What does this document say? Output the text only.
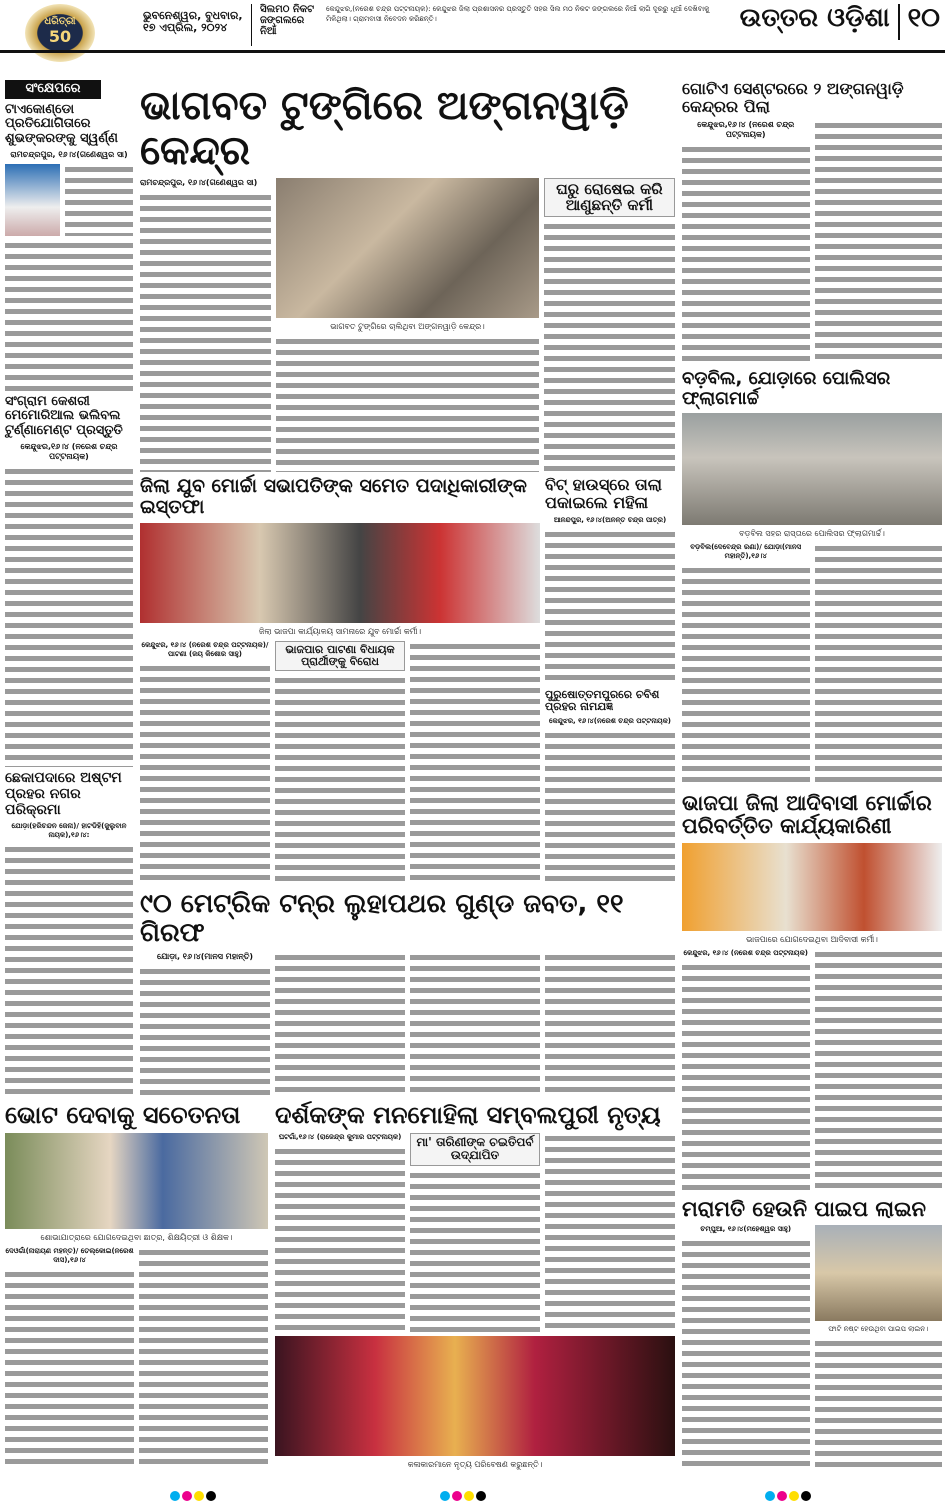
ଧରିତ୍ରୀ
50
ଭୁବନେଶ୍ୱର, ବୁଧବାର, ୧୭ ଏପ୍ରିଲ, ୨୦୨୪
ସିଲମଠ ନିକଟ ଜଙ୍ଗଲରେ ନିଆଁ
କେନ୍ଦୁଝର,(ନରେଶ ଚନ୍ଦ୍ର ପଟ୍ଟନାୟକ): କେନ୍ଦୁଝର ଜିଲା ପ୍ରଶାସନର ପ୍ରସ୍ତୁତି ସହର ସିଲ ମଠ ନିକଟ ଜଙ୍ଗଲରେ ନିଆଁ ଲାଗି ଦୂରରୁ ଧୂଆଁ ଦେଖିବାକୁ ମିଳିଥିଲା। ଗ୍ରାମବାସୀ ନିବେଦନ କରିଛନ୍ତି।	ଉତ୍ତର ଓଡ଼ିଶା ୧୦
ସଂକ୍ଷେପରେ
ଟାଏକୋଣ୍ଡୋ ପ୍ରତିଯୋଗିତାରେ ଶୁଭଙ୍କରଙ୍କୁ ସ୍ୱର୍ଣ୍ଣ
ରାମଚନ୍ଦ୍ରପୁର, ୧୬।୪(ଗଣେଶ୍ୱର ସା)
ସଂଗ୍ରାମ କେଶରୀ ମେମୋରିଆଲ ଭଲିବଲ ଟୁର୍ଣ୍ଣାମେଣ୍ଟ ପ୍ରସ୍ତୁତି
କେନ୍ଦୁଝର,୧୬।୪ (ନରେଶ ଚନ୍ଦ୍ର ପଟ୍ଟନାୟକ)
ଛେକାପଦାରେ ଅଷ୍ଟମ ପ୍ରହର ନଗର ପରିକ୍ରମା
ଯୋଡ଼ା(ହରିଚନ୍ଦନ ଜେନା)/ ହାଟଡିହି(ଜୁଲୁବାନ ନାୟକ),୧୬।୪:
ଭାଗବତ ଟୁଙ୍ଗିରେ ଅଙ୍ଗନୱାଡ଼ି କେନ୍ଦ୍ର
ରାମଚନ୍ଦ୍ରପୁର, ୧୬।୪(ଗଣେଶ୍ୱର ସା)
ଭାଗବତ ଟୁଙ୍ଗିରେ ଚାଲିଥିବା ଅଙ୍ଗନୱାଡ଼ି କେନ୍ଦ୍ର।
ଘରୁ ରୋଷେଇ କରି ଆଣୁଛନ୍ତି କର୍ମୀ
ଜିଲା ଯୁବ ମୋର୍ଚ୍ଚା ସଭାପତିଙ୍କ ସମେତ ପଦାଧିକାରୀଙ୍କ ଇସ୍ତଫା
ଜିଲା ଭାଜପା କାର୍ଯ୍ୟାଳୟ ସାମନାରେ ଯୁବ ମୋର୍ଚ୍ଚା କର୍ମୀ।
କେନ୍ଦୁଝର, ୧୬।୪ (ନରେଶ ଚନ୍ଦ୍ର ପଟ୍ଟନାୟକ)/ ପାଟଣା (ଜୟ କିଶୋର ସାହୁ)	ଭାଜପାର ପାଟଣା ବିଧାୟକ ପ୍ରାର୍ଥୀଙ୍କୁ ବିରୋଧ
ବିଟ୍ ହାଉସ୍‌ରେ ତାଲା ପକାଇଲେ ମହିଳା
ଆନନ୍ଦପୁର, ୧୬।୪(ଅନନ୍ତ ଚନ୍ଦ୍ର ପାତ୍ର)
ପୁରୁଷୋତ୍ତମପୁରରେ ଚବିଶ ପ୍ରହର ନାମଯଜ୍ଞ
କେନ୍ଦୁଝର, ୧୬।୪(ନରେଶ ଚନ୍ଦ୍ର ପଟ୍ଟନାୟକ)
୯୦ ମେଟ୍ରିକ ଟନ୍‌ର ଲୁହାପଥର ଗୁଣ୍ଡ ଜବତ, ୧୧ ଗିରଫ
ଯୋଡ଼ା, ୧୬।୪(ମାନସ ମହାନ୍ତି)
ଭୋଟ ଦେବାକୁ ସଚେତନତା
ଶୋଭାଯାତ୍ରାରେ ଯୋଗଦେଇଥିବା ଛାତ୍ର, ଶିକ୍ଷୟିତ୍ରୀ ଓ ଶିକ୍ଷକ।
ଦେଓଗାଁ(ନାରାୟଣ ମହନ୍ତ)/ ତେଲ୍କୋଇ(ନରେଶ ଦାସ),୧୬।୪
ଦର୍ଶକଙ୍କ ମନମୋହିଲା ସମ୍ବଲପୁରୀ ନୃତ୍ୟ
ଘଟଗାଁ,୧୬।୪ (ରାଜେନ୍ଦ୍ର କୁମାର ପଟ୍ଟନାୟକ)	ମା' ତାରିଣୀଙ୍କ ଚଇତିପର୍ବ ଉଦ୍‌ଯାପିତ
କଳାକାରମାନେ ନୃତ୍ୟ ପରିବେଷଣ କରୁଛନ୍ତି।
ଗୋଟିଏ ସେଣ୍ଟରରେ ୨ ଅଙ୍ଗନୱାଡ଼ି କେନ୍ଦ୍ରର ପିଲା
କେନ୍ଦୁଝର,୧୬।୪ (ନରେଶ ଚନ୍ଦ୍ର ପଟ୍ଟନାୟକ)
ବଡ଼ବିଲ, ଯୋଡ଼ାରେ ପୋଲିସର ଫ୍ଲାଗମାର୍ଚ୍ଚ
ବଡ଼ବିଲ ସହର ରାସ୍ତାରେ ପୋଲିସର ଫ୍ଲାଗମାର୍ଚ୍ଚ।
ବଡ଼ବିଲ(ଦେବେନ୍ଦ୍ର ରଣା)/ ଯୋଡ଼ା(ମାନସ ମହାନ୍ତି),୧୬।୪
ଭାଜପା ଜିଲା ଆଦିବାସୀ ମୋର୍ଚ୍ଚାର ପରିବର୍ତ୍ତିତ କାର୍ଯ୍ୟକାରିଣୀ
ଭାଜପାରେ ଯୋଗଦେଇଥିବା ଆଦିବାସୀ କର୍ମୀ।
କେନ୍ଦୁଝର, ୧୬।୪ (ନରେଶ ଚନ୍ଦ୍ର ପଟ୍ଟନାୟକ)
ମରାମତି ହେଉନି ପାଇପ ଲାଇନ
ଚମ୍ପୁଆ, ୧୬।୪(ମହେଶ୍ୱର ସାହୁ)
ଫାଟି ନଷ୍ଟ ହେଉଥିବା ପାଇପ ଲାଇନ।
